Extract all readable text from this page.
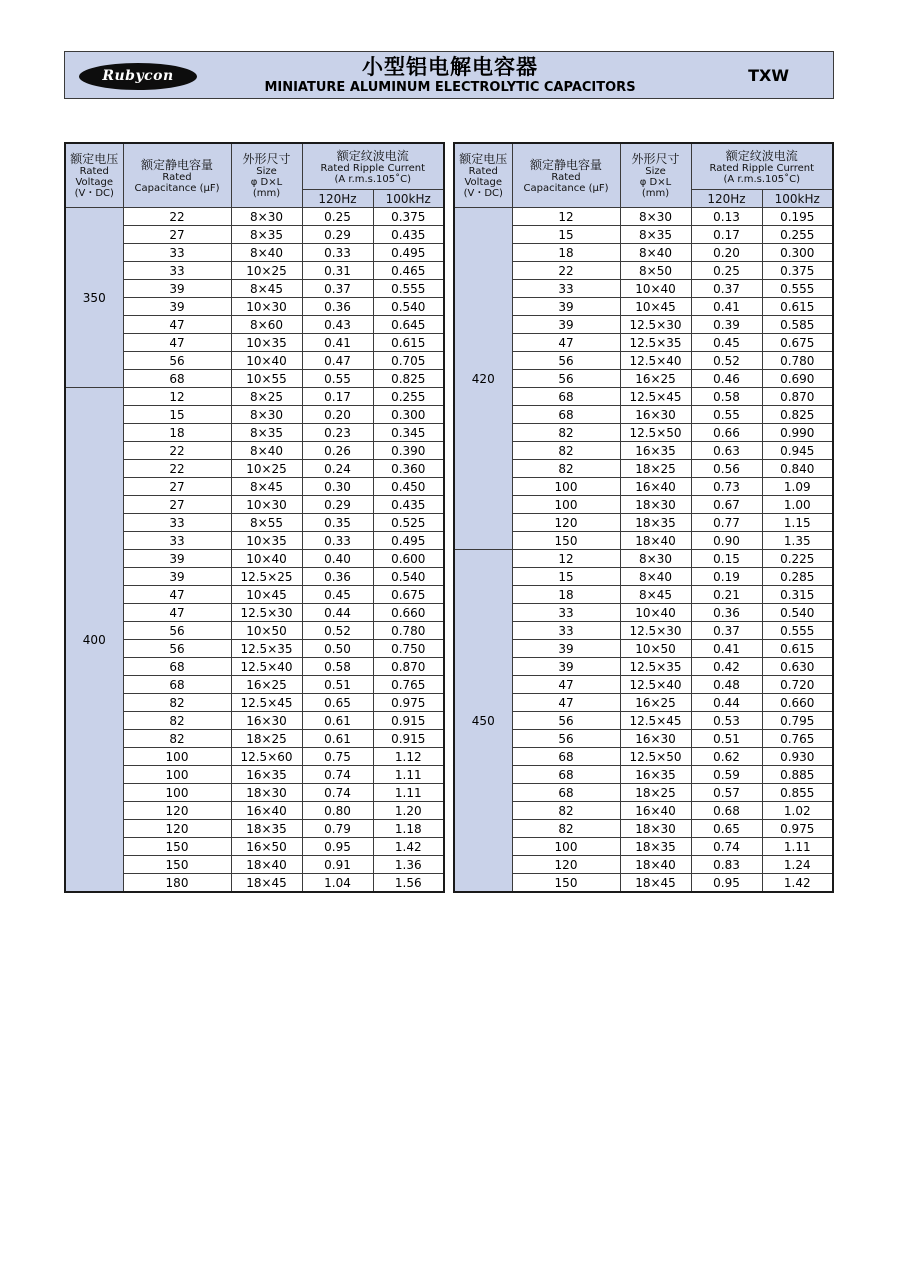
Rubycon	小型铝电解电容器
MINIATURE ALUMINUM ELECTROLYTIC CAPACITORS
TXW
额定电压
Rated
Voltage
(V・DC)	额定静电容量
Rated
Capacitance (μF)	外形尺寸
Size
φ D×L
(mm)	额定纹波电流
Rated Ripple Current
(A r.m.s.105˚C)	

			120Hz	100kHz
350	22	8×30	0.25	0.375
	27	8×35	0.29	0.435
	33	8×40	0.33	0.495
	33	10×25	0.31	0.465
	39	8×45	0.37	0.555
	39	10×30	0.36	0.540
	47	8×60	0.43	0.645
	47	10×35	0.41	0.615
	56	10×40	0.47	0.705
	68	10×55	0.55	0.825
400	12	8×25	0.17	0.255
	15	8×30	0.20	0.300
	18	8×35	0.23	0.345
	22	8×40	0.26	0.390
	22	10×25	0.24	0.360
	27	8×45	0.30	0.450
	27	10×30	0.29	0.435
	33	8×55	0.35	0.525
	33	10×35	0.33	0.495
	39	10×40	0.40	0.600
	39	12.5×25	0.36	0.540
	47	10×45	0.45	0.675
	47	12.5×30	0.44	0.660
	56	10×50	0.52	0.780
	56	12.5×35	0.50	0.750
	68	12.5×40	0.58	0.870
	68	16×25	0.51	0.765
	82	12.5×45	0.65	0.975
	82	16×30	0.61	0.915
	82	18×25	0.61	0.915
	100	12.5×60	0.75	1.12
	100	16×35	0.74	1.11
	100	18×30	0.74	1.11
	120	16×40	0.80	1.20
	120	18×35	0.79	1.18
	150	16×50	0.95	1.42
	150	18×40	0.91	1.36
	180	18×45	1.04	1.56
额定电压
Rated
Voltage
(V・DC)	额定静电容量
Rated
Capacitance (μF)	外形尺寸
Size
φ D×L
(mm)	额定纹波电流
Rated Ripple Current
(A r.m.s.105˚C)	

			120Hz	100kHz
420	12	8×30	0.13	0.195
	15	8×35	0.17	0.255
	18	8×40	0.20	0.300
	22	8×50	0.25	0.375
	33	10×40	0.37	0.555
	39	10×45	0.41	0.615
	39	12.5×30	0.39	0.585
	47	12.5×35	0.45	0.675
	56	12.5×40	0.52	0.780
	56	16×25	0.46	0.690
	68	12.5×45	0.58	0.870
	68	16×30	0.55	0.825
	82	12.5×50	0.66	0.990
	82	16×35	0.63	0.945
	82	18×25	0.56	0.840
	100	16×40	0.73	1.09
	100	18×30	0.67	1.00
	120	18×35	0.77	1.15
	150	18×40	0.90	1.35
450	12	8×30	0.15	0.225
	15	8×40	0.19	0.285
	18	8×45	0.21	0.315
	33	10×40	0.36	0.540
	33	12.5×30	0.37	0.555
	39	10×50	0.41	0.615
	39	12.5×35	0.42	0.630
	47	12.5×40	0.48	0.720
	47	16×25	0.44	0.660
	56	12.5×45	0.53	0.795
	56	16×30	0.51	0.765
	68	12.5×50	0.62	0.930
	68	16×35	0.59	0.885
	68	18×25	0.57	0.855
	82	16×40	0.68	1.02
	82	18×30	0.65	0.975
	100	18×35	0.74	1.11
	120	18×40	0.83	1.24
	150	18×45	0.95	1.42
